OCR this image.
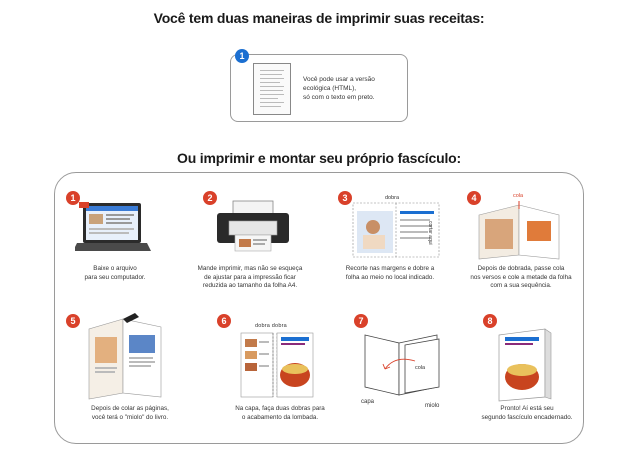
Você tem duas maneiras de imprimir suas receitas:
1
Você pode usar a versão
ecológica (HTML),
só com o texto em preto.
Ou imprimir e montar seu próprio fascículo:
1
Baixe o arquivo
para seu computador.
2
Mande imprimir, mas não se esqueça
de ajustar para a impressão ficar
reduzida ao tamanho da folha A4.
3	dobra
cortar aqui
Recorte nas margens e dobre a
folha ao meio no local indicado.
4	cola
Depois de dobrada, passe cola
nos versos e cole a metade da folha
com a sua sequência.
5
Depois de colar as páginas,
você terá o "miolo" do livro.
6	dobra dobra
Na capa, faça duas dobras para
o acabamento da lombada.
7
cola
capa
miolo
8
Pronto! Aí está seu
segundo fascículo encadernado.
